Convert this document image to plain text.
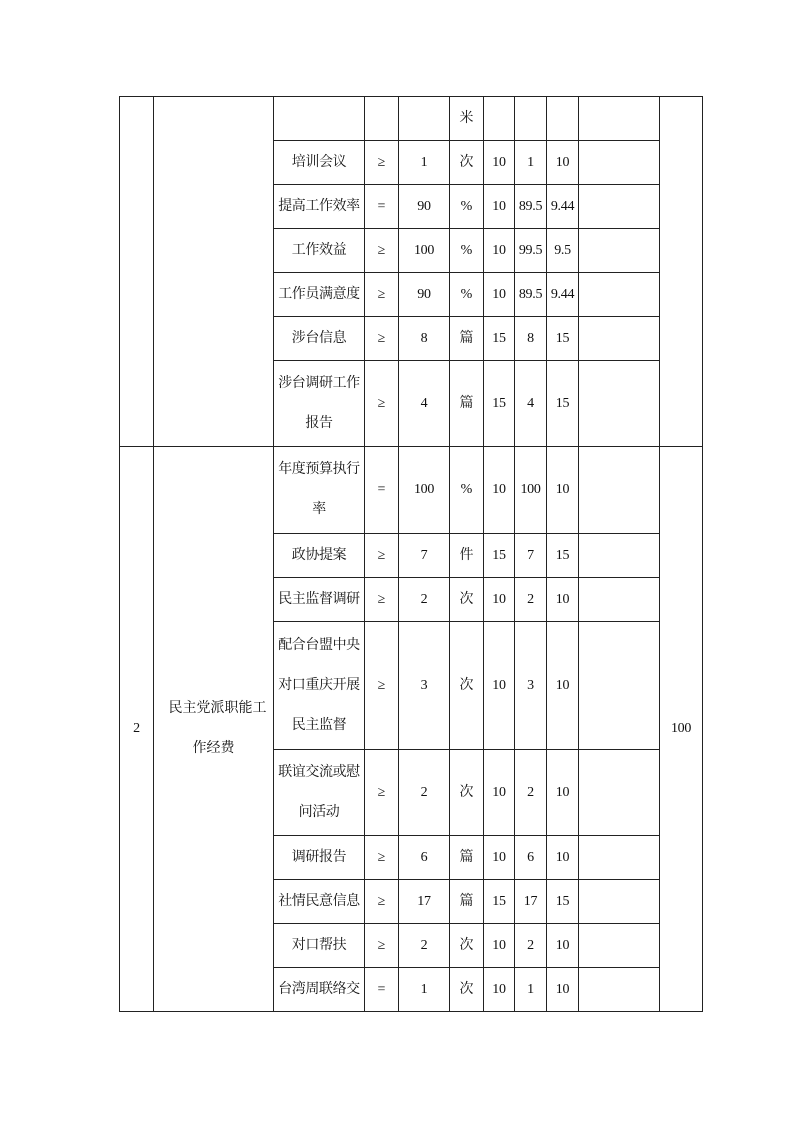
					米					
		培训会议	≥	1	次	10	1	10		
		提高工作效率	=	90	%	10	89.5	9.44		
		工作效益	≥	100	%	10	99.5	9.5		
		工作员满意度	≥	90	%	10	89.5	9.44		
		涉台信息	≥	8	篇	15	8	15		
		涉台调研工作报告	≥	4	篇	15	4	15		
2	民主党派职能工作经费	年度预算执行率	=	100	%	10	100	10		100
		政协提案	≥	7	件	15	7	15		
		民主监督调研	≥	2	次	10	2	10		
		配合台盟中央对口重庆开展民主监督	≥	3	次	10	3	10		
		联谊交流或慰问活动	≥	2	次	10	2	10		
		调研报告	≥	6	篇	10	6	10		
		社情民意信息	≥	17	篇	15	17	15		
		对口帮扶	≥	2	次	10	2	10		
		台湾周联络交	=	1	次	10	1	10		
